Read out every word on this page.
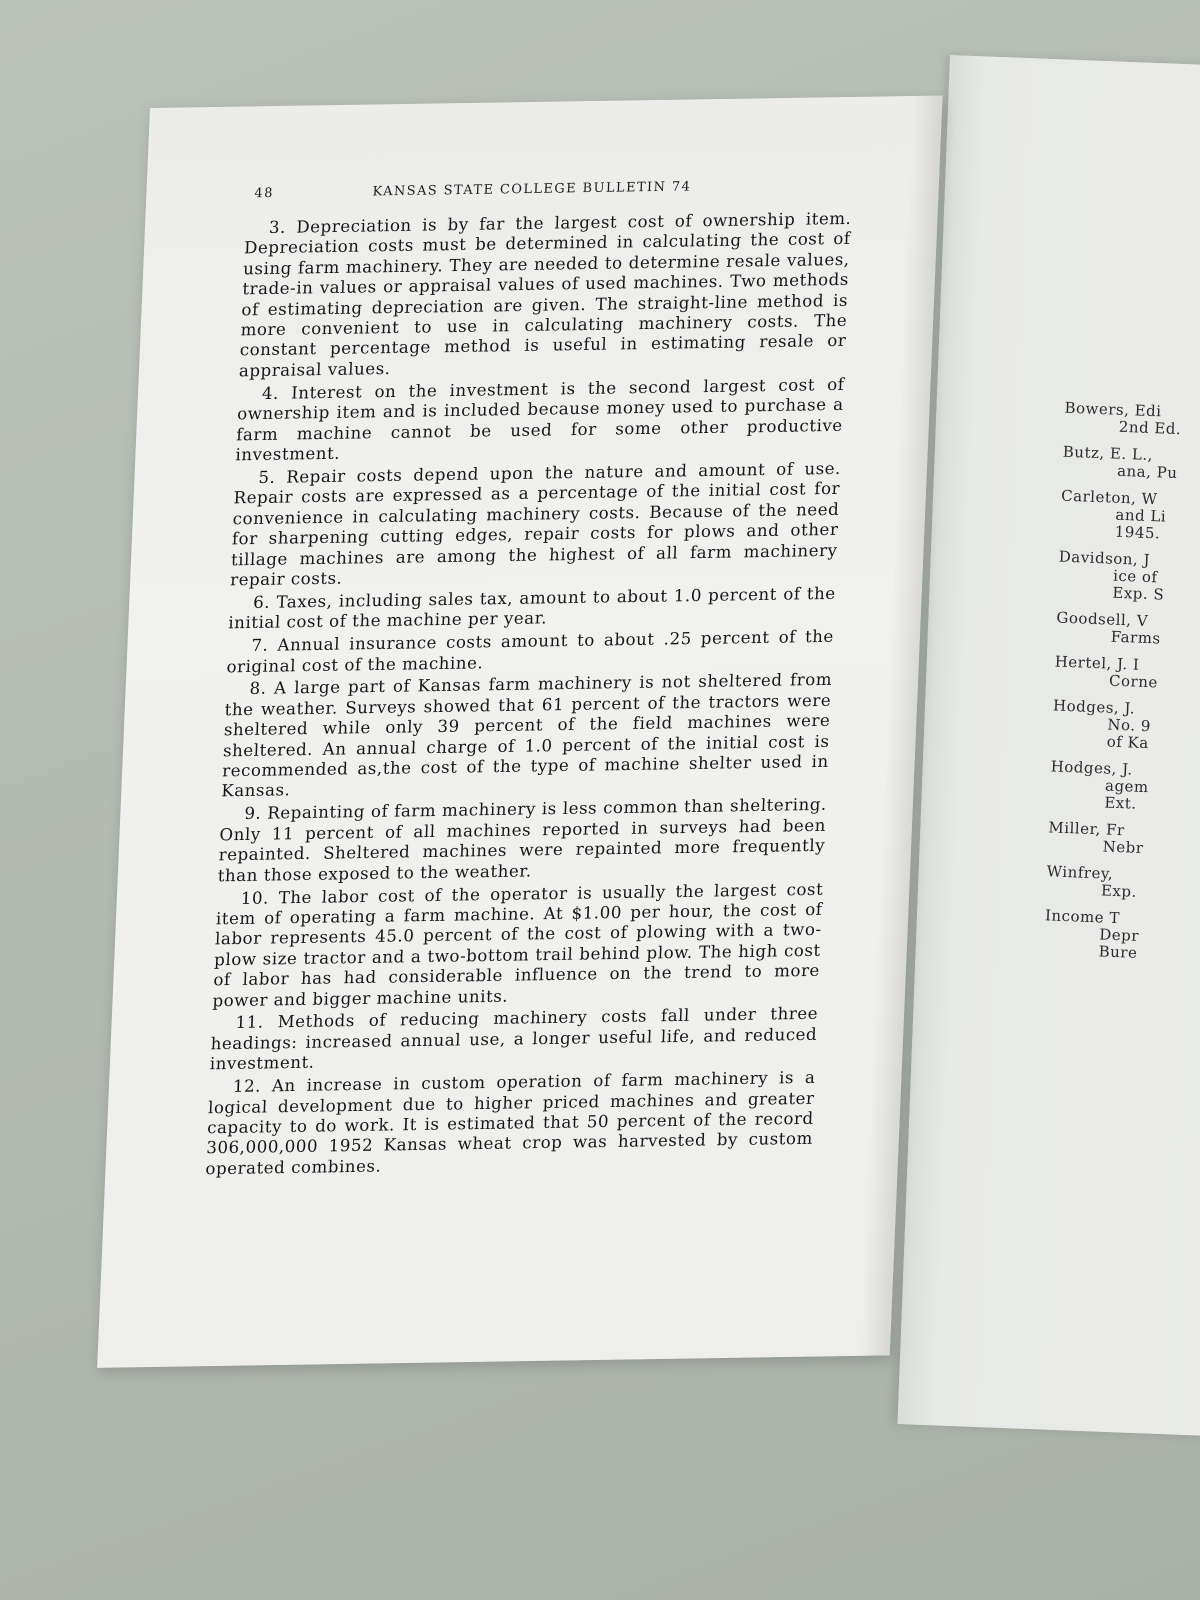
Bowers, Edi
2nd Ed.
Butz, E. L.,
ana, Pu
Carleton, W
and Li
1945.
Davidson, J
ice of
Exp. S
Goodsell, V
Farms
Hertel, J. I
Corne
Hodges, J.
No. 9
of Ka
Hodges, J.
agem
Ext.
Miller, Fr
Nebr
Winfrey,
Exp.
Income T
Depr
Bure
48	KANSAS STATE COLLEGE BULLETIN 74

3. Depreciation is by far the largest cost of ownership item. Depreciation costs must be determined in calculating the cost of using farm machinery. They are needed to determine resale values, trade-in values or appraisal values of used machines. Two methods of estimating depreciation are given. The straight-line method is more convenient to use in calculating machinery costs. The constant percentage method is useful in estimating resale or appraisal values.

4. Interest on the investment is the second largest cost of ownership item and is included because money used to purchase a farm machine cannot be used for some other productive investment.

5. Repair costs depend upon the nature and amount of use. Repair costs are expressed as a percentage of the initial cost for convenience in calculating machinery costs. Because of the need for sharpening cutting edges, repair costs for plows and other tillage machines are among the highest of all farm machinery repair costs.

6. Taxes, including sales tax, amount to about 1.0 percent of the initial cost of the machine per year.

7. Annual insurance costs amount to about .25 percent of the original cost of the machine.

8. A large part of Kansas farm machinery is not sheltered from the weather. Surveys showed that 61 percent of the tractors were sheltered while only 39 percent of the field machines were sheltered. An annual charge of 1.0 percent of the initial cost is recommended as,the cost of the type of machine shelter used in Kansas.

9. Repainting of farm machinery is less common than sheltering. Only 11 percent of all machines reported in surveys had been repainted. Sheltered machines were repainted more frequently than those exposed to the weather.

10. The labor cost of the operator is usually the largest cost item of operating a farm machine. At $1.00 per hour, the cost of labor represents 45.0 percent of the cost of plowing with a two-plow size tractor and a two-bottom trail behind plow. The high cost of labor has had considerable influence on the trend to more power and bigger machine units.

11. Methods of reducing machinery costs fall under three headings: increased annual use, a longer useful life, and reduced investment.

12. An increase in custom operation of farm machinery is a logical development due to higher priced machines and greater capacity to do work. It is estimated that 50 percent of the record 306,000,000 1952 Kansas wheat crop was harvested by custom operated combines.
